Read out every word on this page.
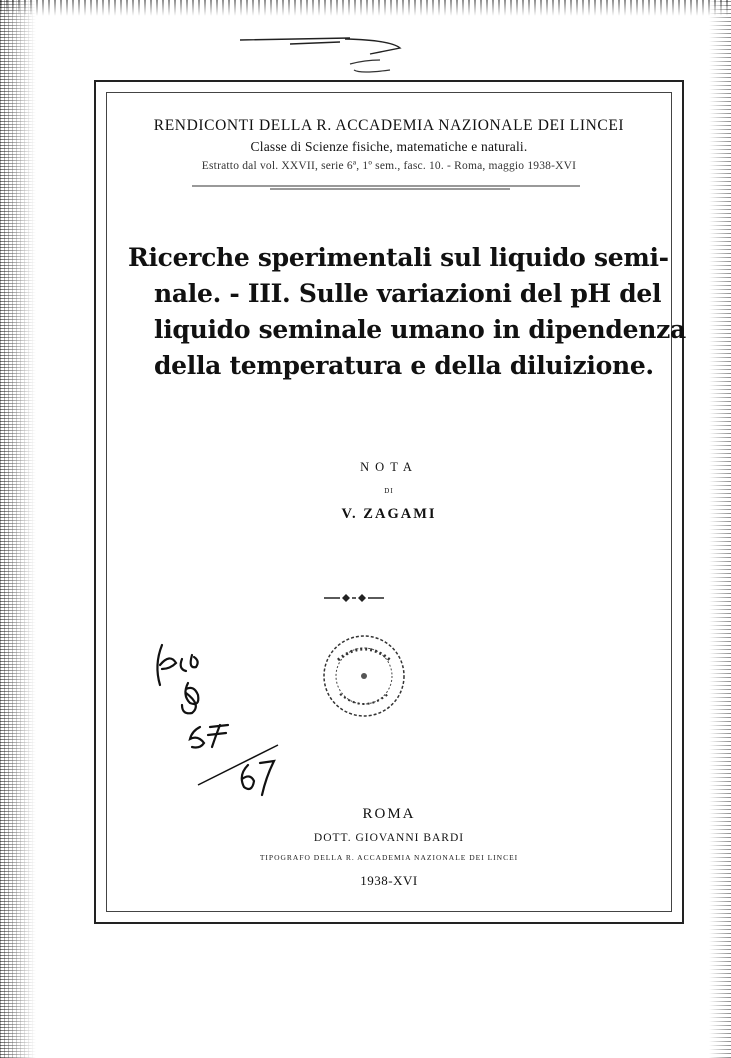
RENDICONTI DELLA R. ACCADEMIA NAZIONALE DEI LINCEI
Classe di Scienze fisiche, matematiche e naturali.
Estratto dal vol. XXVII, serie 6ª, 1º sem., fasc. 10. - Roma, maggio 1938-XVI
Ricerche sperimentali sul liquido semi-
nale. - III. Sulle variazioni del pH del
liquido seminale umano in dipendenza
della temperatura e della diluizione.
NOTA
DI
V. ZAGAMI
ROMA
DOTT. GIOVANNI BARDI
TIPOGRAFO DELLA R. ACCADEMIA NAZIONALE DEI LINCEI
1938-XVI
